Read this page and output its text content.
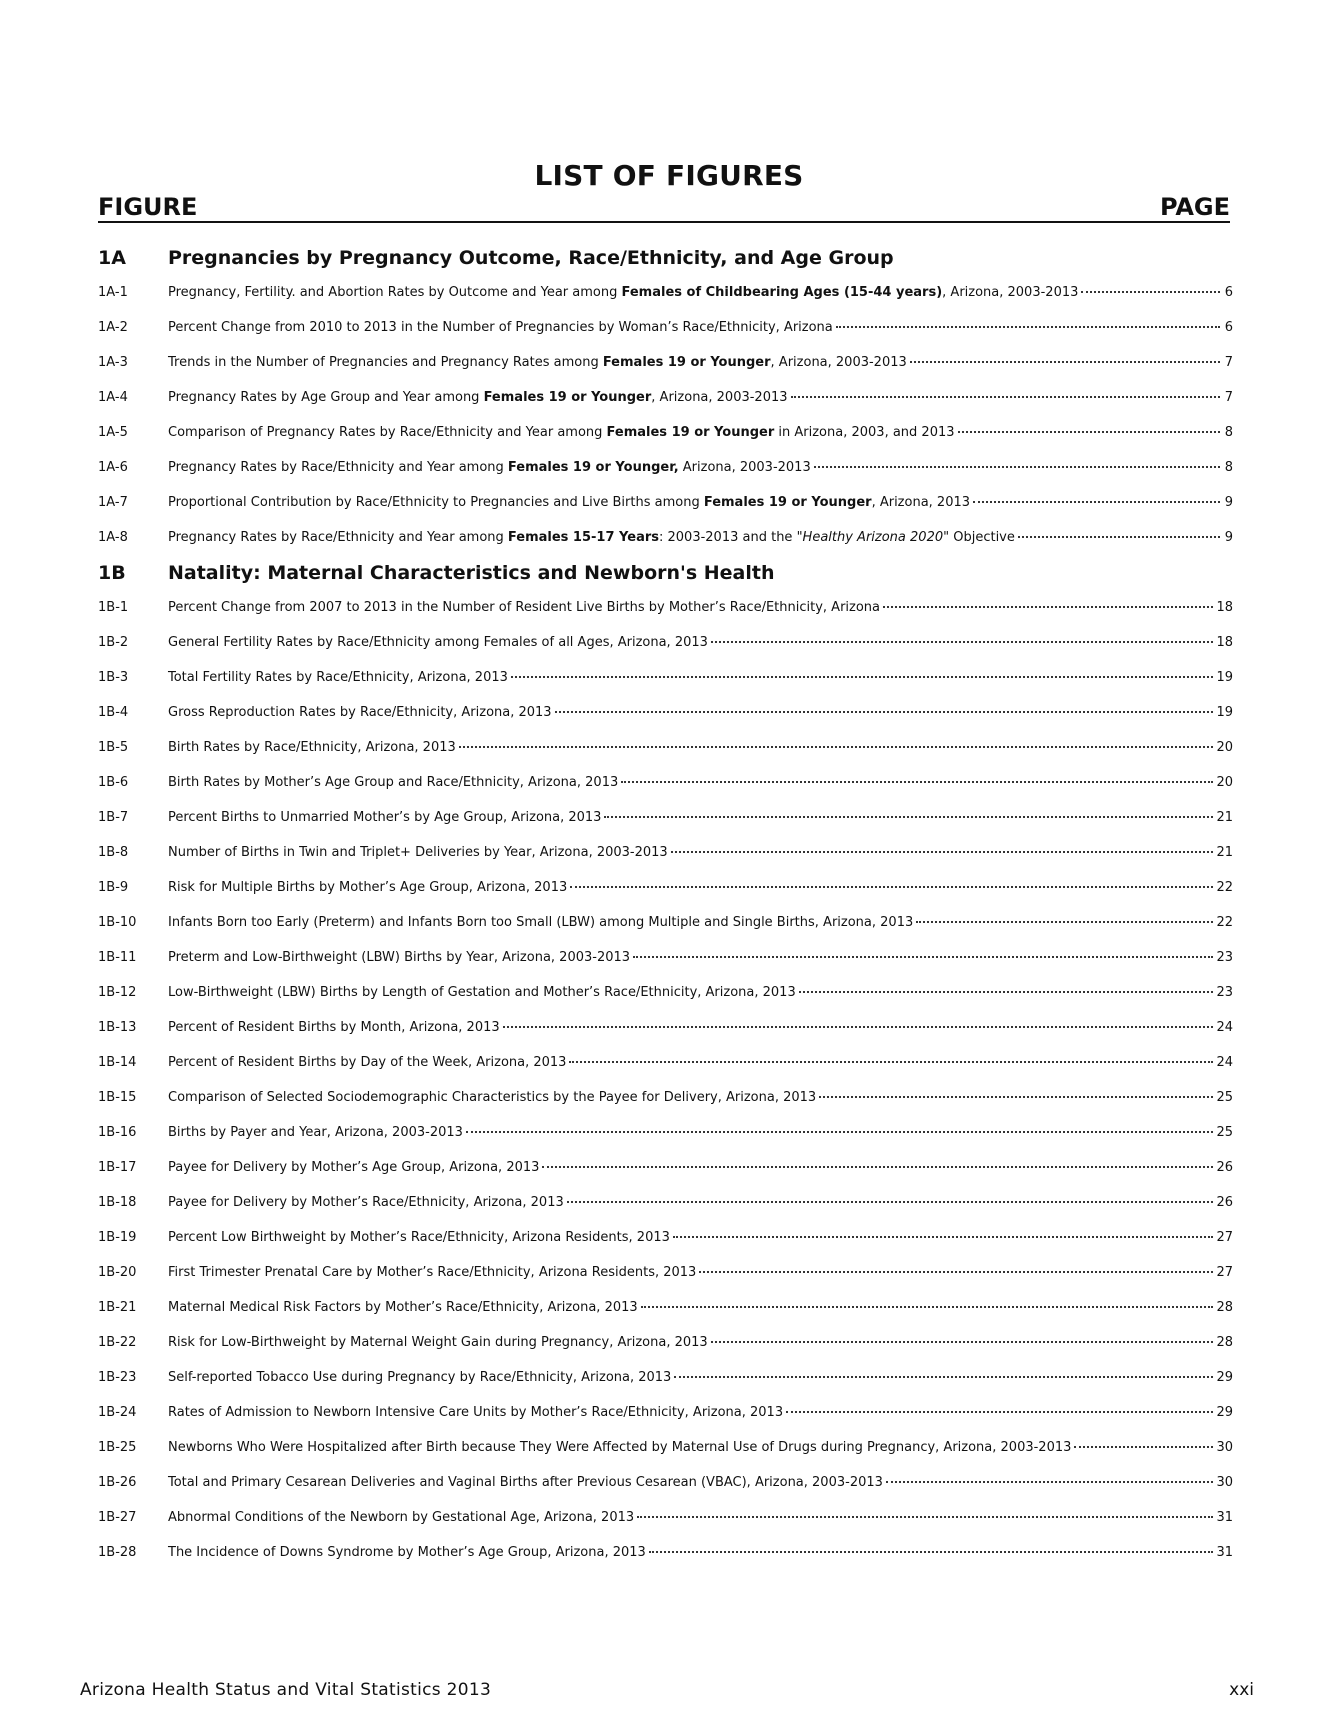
LIST OF FIGURES
FIGURE	PAGE
1A	Pregnancies by Pregnancy Outcome, Race/Ethnicity, and Age Group
1A-1	Pregnancy, Fertility. and Abortion Rates by Outcome and Year among Females of Childbearing Ages (15-44 years), Arizona, 2003-2013	6
1A-2	Percent Change from 2010 to 2013 in the Number of Pregnancies by Woman’s Race/Ethnicity, Arizona	6
1A-3	Trends in the Number of Pregnancies and Pregnancy Rates among Females 19 or Younger, Arizona, 2003-2013	7
1A-4	Pregnancy Rates by Age Group and Year among Females 19 or Younger, Arizona, 2003-2013	7
1A-5	Comparison of Pregnancy Rates by Race/Ethnicity and Year among Females 19 or Younger in Arizona, 2003, and 2013	8
1A-6	Pregnancy Rates by Race/Ethnicity and Year among Females 19 or Younger, Arizona, 2003-2013	8
1A-7	Proportional Contribution by Race/Ethnicity to Pregnancies and Live Births among Females 19 or Younger, Arizona, 2013	9
1A-8	Pregnancy Rates by Race/Ethnicity and Year among Females 15-17 Years: 2003-2013 and the "Healthy Arizona 2020" Objective	9
1B	Natality: Maternal Characteristics and Newborn's Health
1B-1	Percent Change from 2007 to 2013 in the Number of Resident Live Births by Mother’s Race/Ethnicity, Arizona	18
1B-2	General Fertility Rates by Race/Ethnicity among Females of all Ages, Arizona, 2013	18
1B-3	Total Fertility Rates by Race/Ethnicity, Arizona, 2013	19
1B-4	Gross Reproduction Rates by Race/Ethnicity, Arizona, 2013	19
1B-5	Birth Rates by Race/Ethnicity, Arizona, 2013	20
1B-6	Birth Rates by Mother’s Age Group and Race/Ethnicity, Arizona, 2013	20
1B-7	Percent Births to Unmarried Mother’s by Age Group, Arizona, 2013	21
1B-8	Number of Births in Twin and Triplet+ Deliveries by Year, Arizona, 2003-2013	21
1B-9	Risk for Multiple Births by Mother’s Age Group, Arizona, 2013	22
1B-10	Infants Born too Early (Preterm) and Infants Born too Small (LBW) among Multiple and Single Births, Arizona, 2013	22
1B-11	Preterm and Low-Birthweight (LBW) Births by Year, Arizona, 2003-2013	23
1B-12	Low-Birthweight (LBW) Births by Length of Gestation and Mother’s Race/Ethnicity, Arizona, 2013	23
1B-13	Percent of Resident Births by Month, Arizona, 2013	24
1B-14	Percent of Resident Births by Day of the Week, Arizona, 2013	24
1B-15	Comparison of Selected Sociodemographic Characteristics by the Payee for Delivery, Arizona, 2013	25
1B-16	Births by Payer and Year, Arizona, 2003-2013	25
1B-17	Payee for Delivery by Mother’s Age Group, Arizona, 2013	26
1B-18	Payee for Delivery by Mother’s Race/Ethnicity, Arizona, 2013	26
1B-19	Percent Low Birthweight by Mother’s Race/Ethnicity, Arizona Residents, 2013	27
1B-20	First Trimester Prenatal Care by Mother’s Race/Ethnicity, Arizona Residents, 2013	27
1B-21	Maternal Medical Risk Factors by Mother’s Race/Ethnicity, Arizona, 2013	28
1B-22	Risk for Low-Birthweight by Maternal Weight Gain during Pregnancy, Arizona, 2013	28
1B-23	Self-reported Tobacco Use during Pregnancy by Race/Ethnicity, Arizona, 2013	29
1B-24	Rates of Admission to Newborn Intensive Care Units by Mother’s Race/Ethnicity, Arizona, 2013	29
1B-25	Newborns Who Were Hospitalized after Birth because They Were Affected by Maternal Use of Drugs during Pregnancy, Arizona, 2003-2013	30
1B-26	Total and Primary Cesarean Deliveries and Vaginal Births after Previous Cesarean (VBAC), Arizona, 2003-2013	30
1B-27	Abnormal Conditions of the Newborn by Gestational Age, Arizona, 2013	31
1B-28	The Incidence of Downs Syndrome by Mother’s Age Group, Arizona, 2013	31
Arizona Health Status and Vital Statistics 2013	xxi
